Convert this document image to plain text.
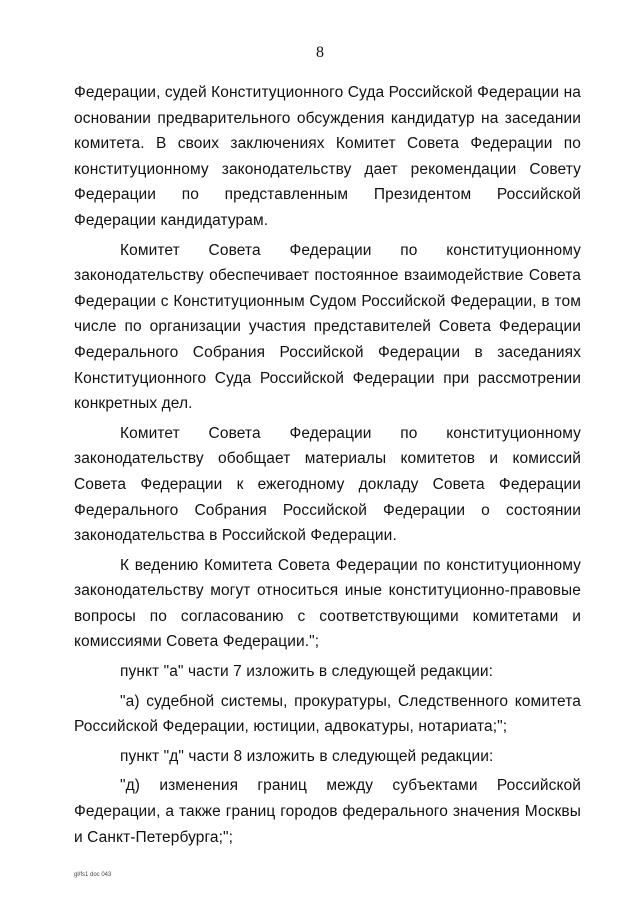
8

Федерации, судей Конституционного Суда Российской Федерации на основании предварительного обсуждения кандидатур на заседании комитета. В своих заключениях Комитет Совета Федерации по конституционному законодательству дает рекомендации Совету Федерации по представленным Президентом Российской Федерации кандидатурам.

Комитет Совета Федерации по конституционному законодательству обеспечивает постоянное взаимодействие Совета Федерации с Конституционным Судом Российской Федерации, в том числе по организации участия представителей Совета Федерации Федерального Собрания Российской Федерации в заседаниях Конституционного Суда Российской Федерации при рассмотрении конкретных дел.

Комитет Совета Федерации по конституционному законодательству обобщает материалы комитетов и комиссий Совета Федерации к ежегодному докладу Совета Федерации Федерального Собрания Российской Федерации о состоянии законодательства в Российской Федерации.

К ведению Комитета Совета Федерации по конституционному законодательству могут относиться иные конституционно-правовые вопросы по согласованию с соответствующими комитетами и комиссиями Совета Федерации.";

пункт "а" части 7 изложить в следующей редакции:

"а) судебной системы, прокуратуры, Следственного комитета Российской Федерации, юстиции, адвокатуры, нотариата;";

пункт "д" части 8 изложить в следующей редакции:

"д) изменения границ между субъектами Российской Федерации, а также границ городов федерального значения Москвы и Санкт-Петербурга;";

gl/fs1 doc 043
